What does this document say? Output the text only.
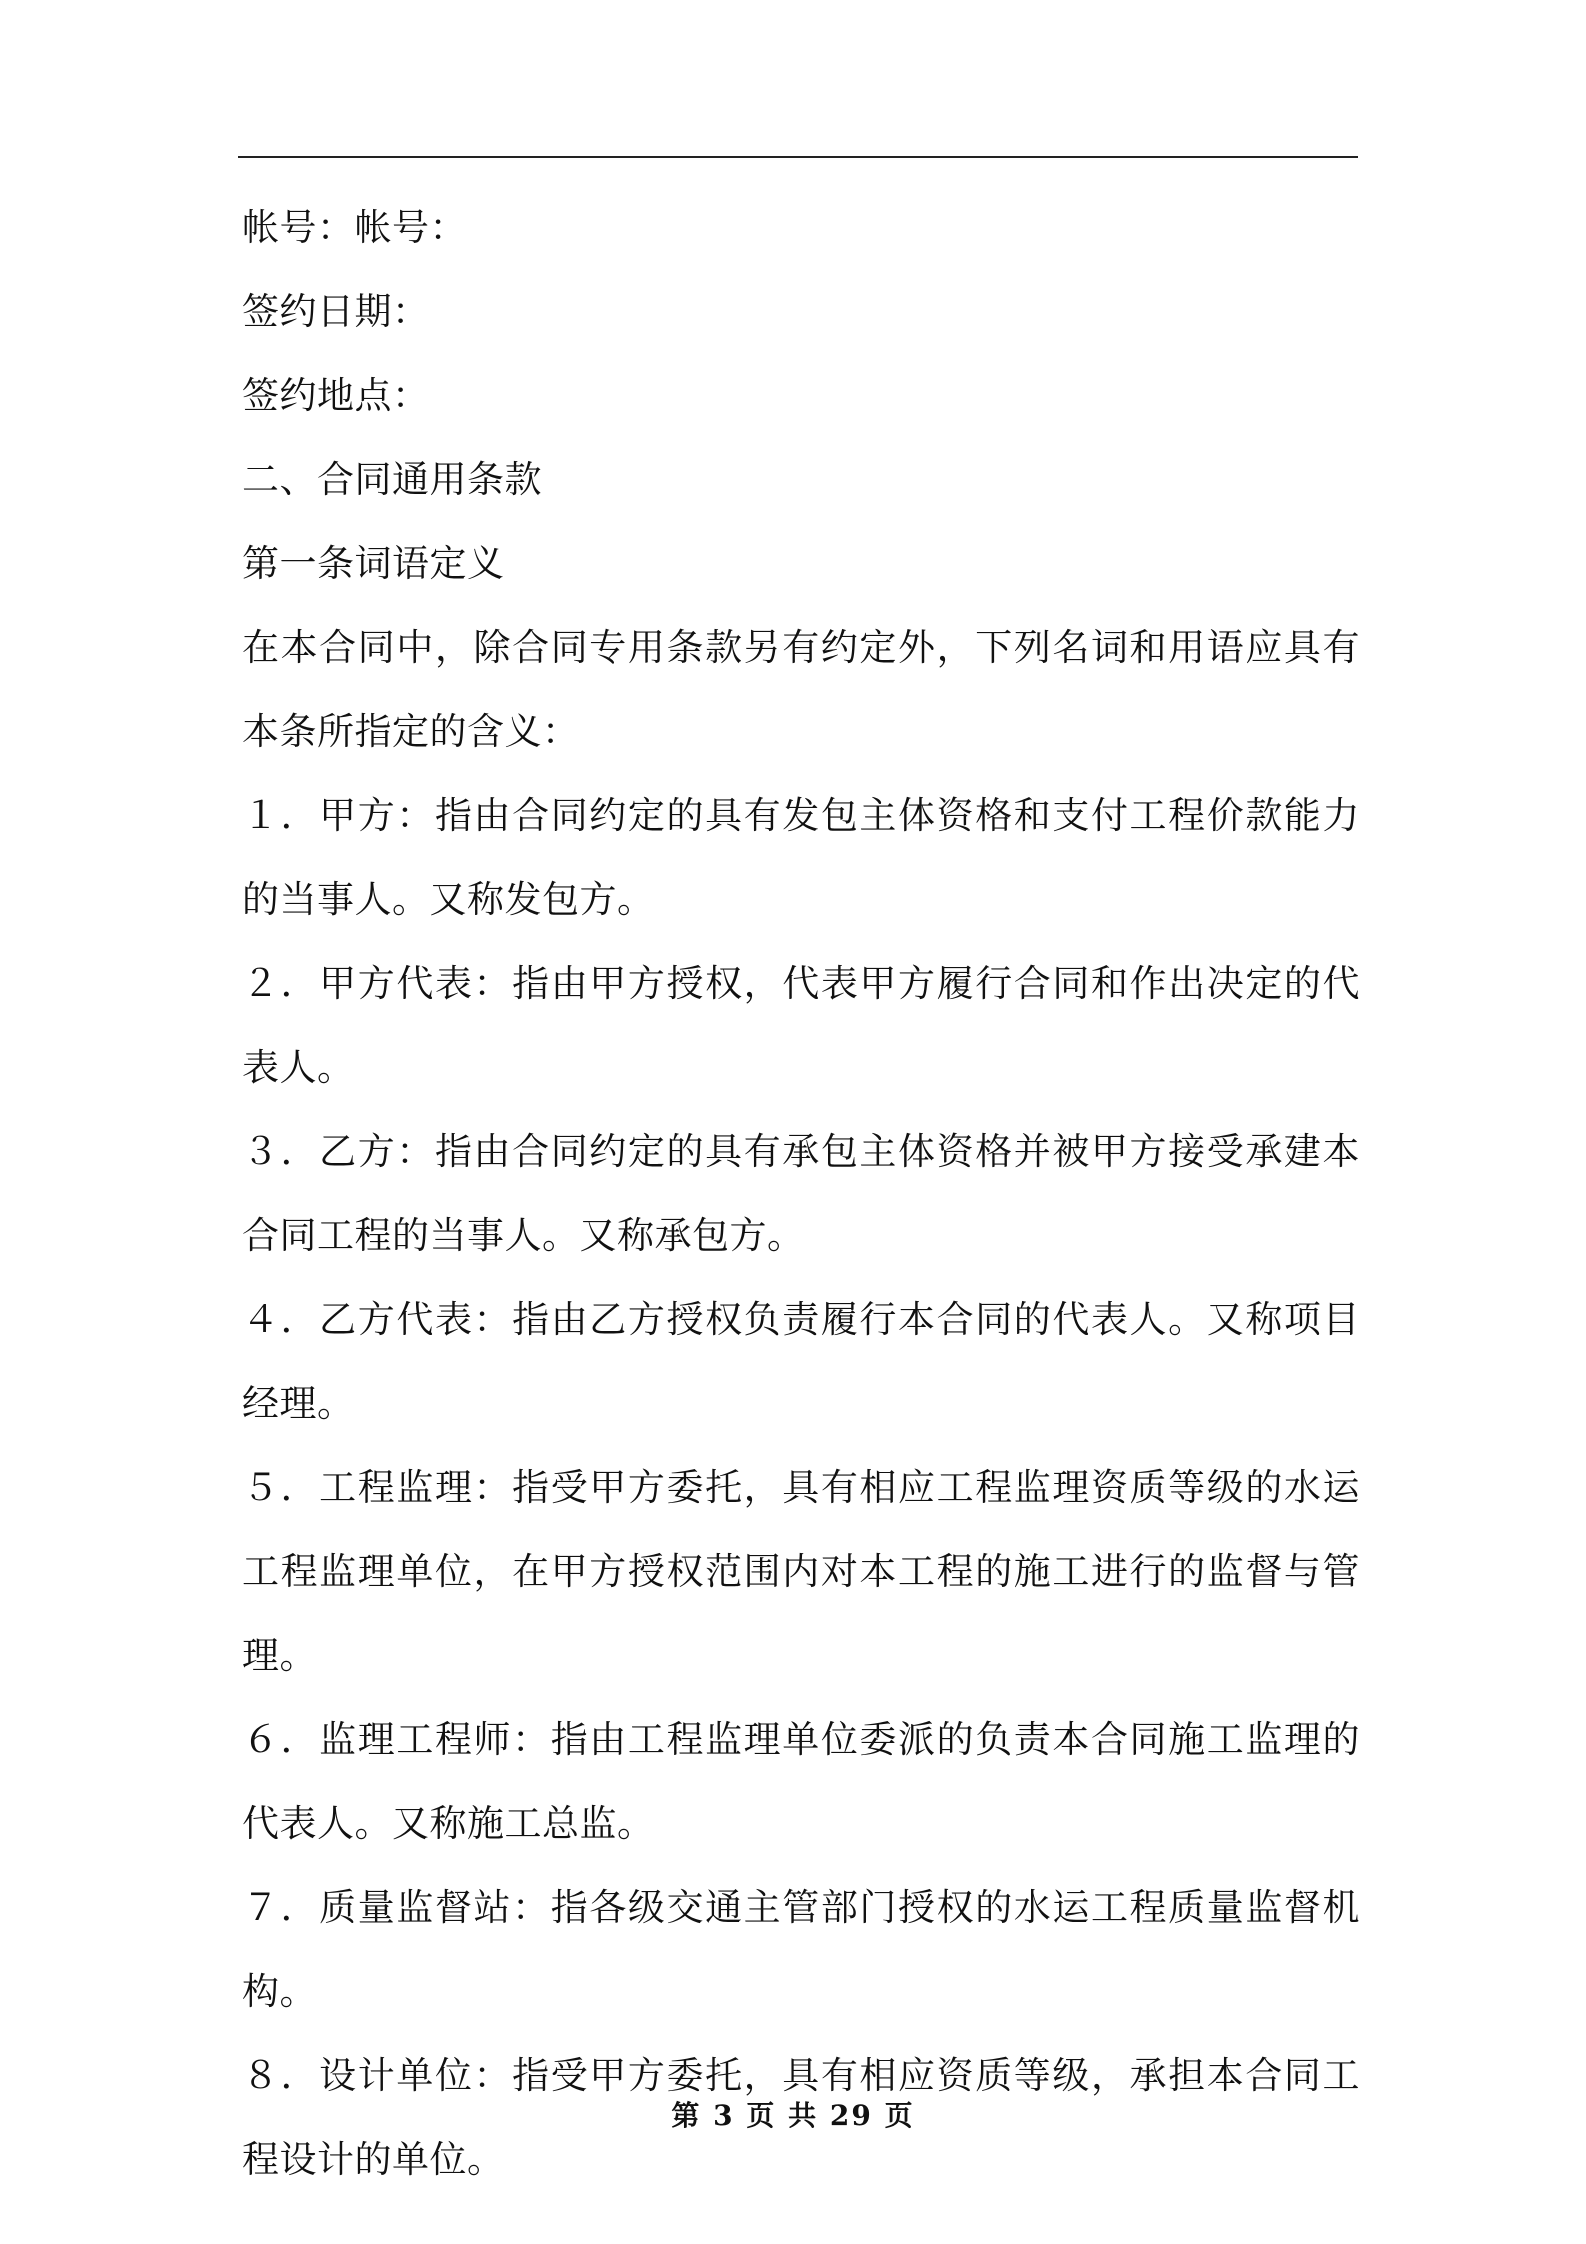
帐号：帐号：

签约日期：

签约地点：

二、合同通用条款

第一条词语定义

在本合同中，除合同专用条款另有约定外，下列名词和用语应具有本条所指定的含义：

１．甲方：指由合同约定的具有发包主体资格和支付工程价款能力的当事人。又称发包方。

２．甲方代表：指由甲方授权，代表甲方履行合同和作出决定的代表人。

３．乙方：指由合同约定的具有承包主体资格并被甲方接受承建本合同工程的当事人。又称承包方。

４．乙方代表：指由乙方授权负责履行本合同的代表人。又称项目经理。

５．工程监理：指受甲方委托，具有相应工程监理资质等级的水运工程监理单位，在甲方授权范围内对本工程的施工进行的监督与管理。

６．监理工程师：指由工程监理单位委派的负责本合同施工监理的代表人。又称施工总监。

７．质量监督站：指各级交通主管部门授权的水运工程质量监督机构。

８．设计单位：指受甲方委托，具有相应资质等级，承担本合同工程设计的单位。

第 3 页 共 29 页
